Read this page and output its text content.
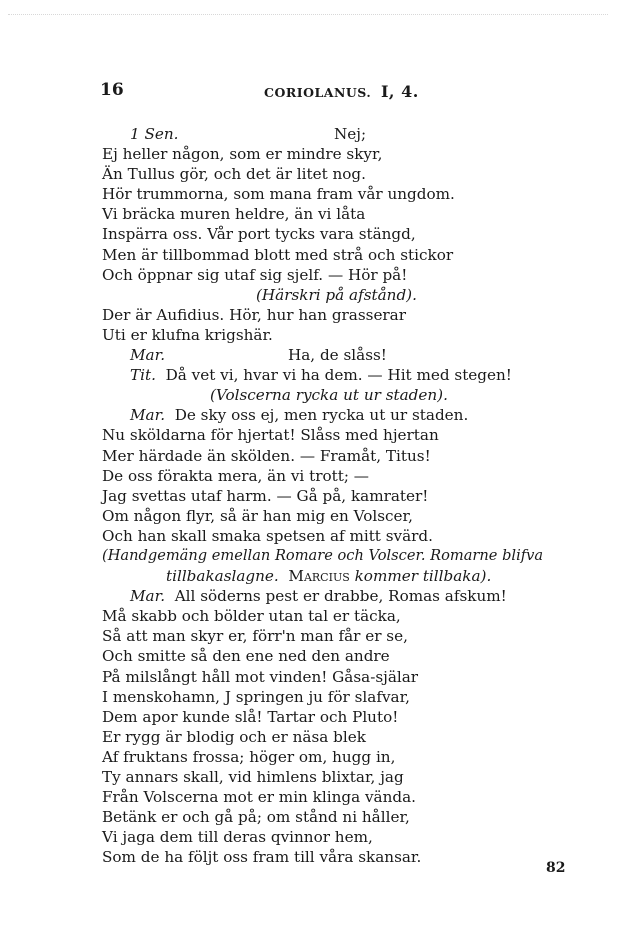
16	CORIOLANUS. I, 4.
1 Sen.	Nej;
Ej heller någon, som er mindre skyr,
Än Tullus gör, och det är litet nog.
Hör trummorna, som mana fram vår ungdom.
Vi bräcka muren heldre, än vi låta
Inspärra oss. Vår port tycks vara stängd,
Men är tillbommad blott med strå och stickor
Och öppnar sig utaf sig sjelf. — Hör på!
(Härskri på afstånd).
Der är Aufidius. Hör, hur han grasserar
Uti er klufna krigshär.
Mar.	Ha, de slåss!
Tit. Då vet vi, hvar vi ha dem. — Hit med stegen!
(Volscerna rycka ut ur staden).
Mar. De sky oss ej, men rycka ut ur staden.
Nu sköldarna för hjertat! Slåss med hjertan
Mer härdade än skölden. — Framåt, Titus!
De oss förakta mera, än vi trott; —
Jag svettas utaf harm. — Gå på, kamrater!
Om någon flyr, så är han mig en Volscer,
Och han skall smaka spetsen af mitt svärd.
(Handgemäng emellan Romare och Volscer. Romarne blifva
tillbakaslagne. Marcius kommer tillbaka).
Mar. All söderns pest er drabbe, Romas afskum!
Må skabb och bölder utan tal er täcka,
Så att man skyr er, förr'n man får er se,
Och smitte så den ene ned den andre
På milslångt håll mot vinden! Gåsa-själar
I menskohamn, J springen ju för slafvar,
Dem apor kunde slå! Tartar och Pluto!
Er rygg är blodig och er näsa blek
Af fruktans frossa; höger om, hugg in,
Ty annars skall, vid himlens blixtar, jag
Från Volscerna mot er min klinga vända.
Betänk er och gå på; om stånd ni håller,
Vi jaga dem till deras qvinnor hem,
Som de ha följt oss fram till våra skansar.
82
